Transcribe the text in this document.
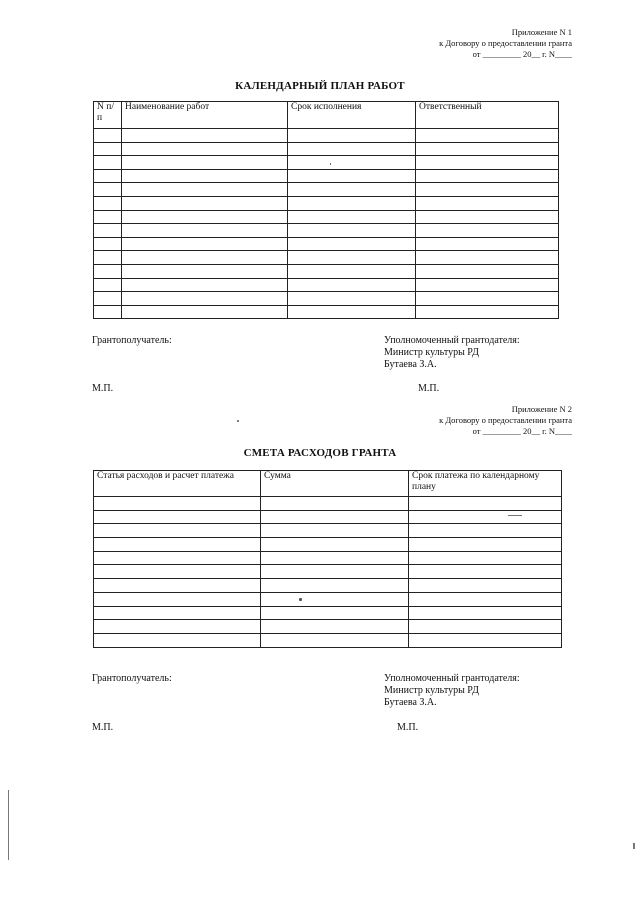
Приложение N 1
к Договору о предоставлении гранта
от _________ 20__ г. N____
КАЛЕНДАРНЫЙ ПЛАН РАБОТ
N п/п	Наименование работ	Срок исполнения	Ответственный

Грантополучатель:	Уполномоченный грантодателя:
Министр культуры РД
Бутаева З.А.
М.П.	М.П.
Приложение N 2
к Договору о предоставлении гранта
от _________ 20__ г. N____
СМЕТА РАСХОДОВ ГРАНТА
Статья расходов и расчет платежа	Сумма	Срок платежа по календарному плану

Грантополучатель:	Уполномоченный грантодателя:
Министр культуры РД
Бутаева З.А.
М.П.	М.П.
